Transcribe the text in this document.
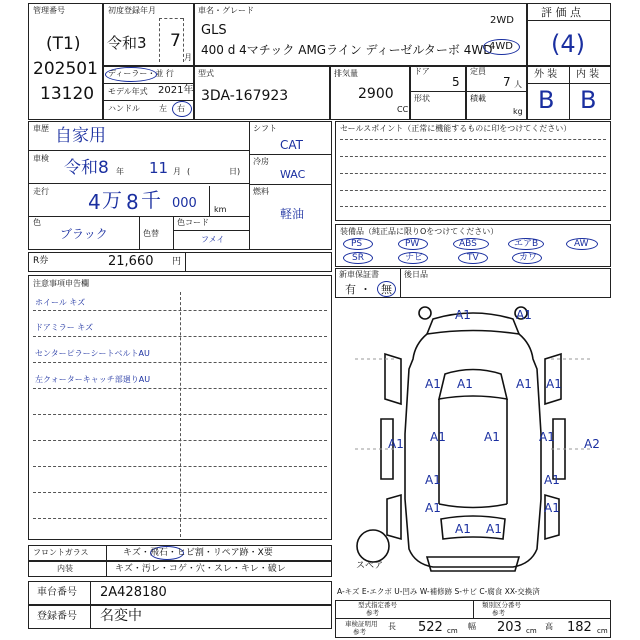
管理番号
(T1)
202501
13120
初度登録年月
令和3 7
月
車名・グレード
GLS
400 d 4マチック AMGライン ディーゼルターボ 4WD
2WD
4WD
評 価 点
(4)
ディーラー・並 行
モデル年式 2021年
ハンドル 左 右
型式
3DA-167923
排気量
2900
CC
ドア
5
形状
定員
7 人
積載
kg
外 装 内 装
B B
車歴 自家用
車検 令和8 年 11 月 (	日)
走行 4 万 8 千 000 km
色
ブラック	色替
色コード
フメイ
シフト
CAT
冷房
WAC
燃料
軽油
R券	21,660 円
注意事項申告欄
ホイール キズ
ドアミラー キズ
センターピラーシートベルトAU
左クォーターキャッチ部廻りAU
セールスポイント（正常に機能するものに印をつけてください）
装備品（純正品に限りOをつけてください）
PS	PW	ABS	エアB	AW
SR	ナビ	TV	カワ
新車保証書
有 ・ 無
後日品
A1	A1
A1 A1	A1 A1
A1 A1	A1	A1 A2
A1	A1
A1	A1
A1 A1
スペア
A-キズ E-エクボ U-凹み W-補修跡 S-サビ C-腐食 XX-交換済
フロントガラス	キズ・飛石・ヒビ割・リペア跡・X要
内装	キズ・汚レ・コゲ・穴・スレ・キレ・破レ
車台番号 2A428180
登録番号 名変中
型式指定番号
参考
類別区分番号
参考
車検証明用
参考
長 522 cm 幅 203 cm 高 182 cm
